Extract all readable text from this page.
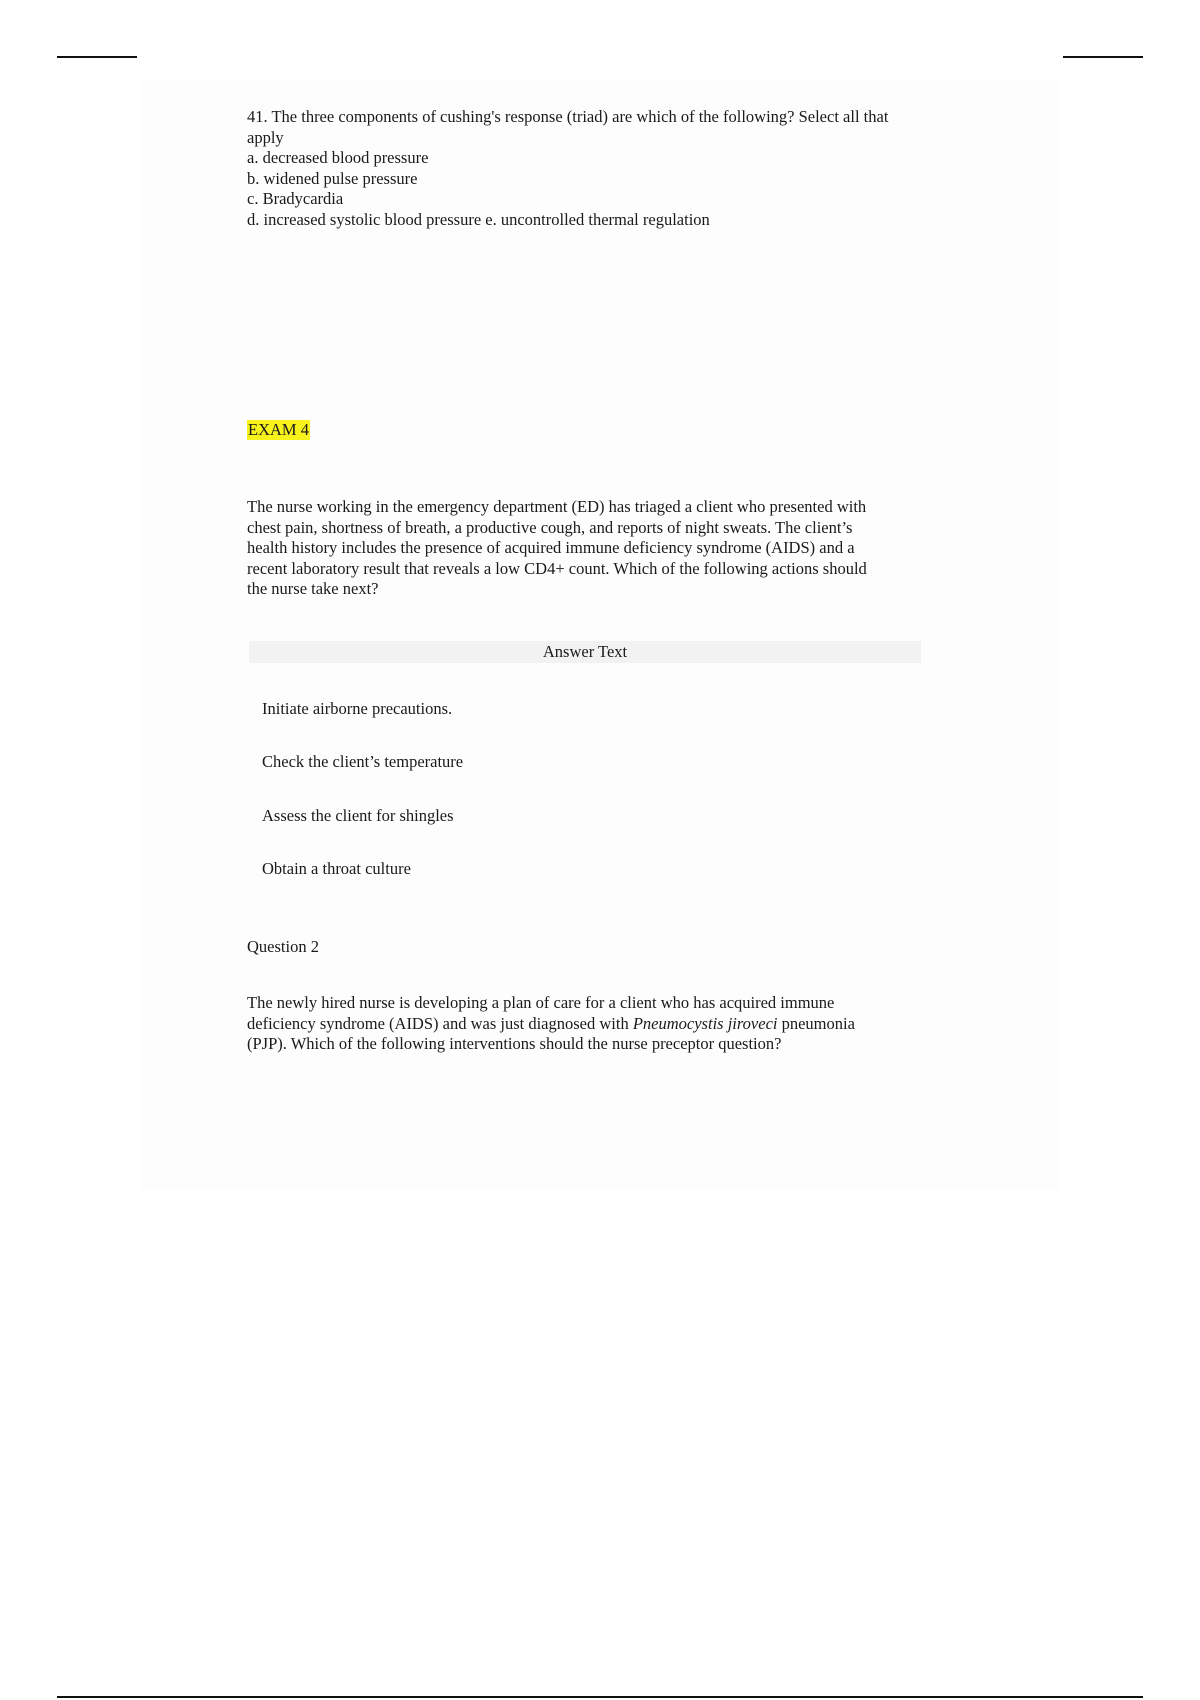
41. The three components of cushing's response (triad) are which of the following? Select all that

apply

a. decreased blood pressure

b. widened pulse pressure

c. Bradycardia

d. increased systolic blood pressure e. uncontrolled thermal regulation

EXAM 4

The nurse working in the emergency department (ED) has triaged a client who presented with

chest pain, shortness of breath, a productive cough, and reports of night sweats. The client’s

health history includes the presence of acquired immune deficiency syndrome (AIDS) and a

recent laboratory result that reveals a low CD4+ count. Which of the following actions should

the nurse take next?

Answer Text
Initiate airborne precautions.
Check the client’s temperature
Assess the client for shingles
Obtain a throat culture
Question 2

The newly hired nurse is developing a plan of care for a client who has acquired immune

deficiency syndrome (AIDS) and was just diagnosed with Pneumocystis jiroveci pneumonia

(PJP). Which of the following interventions should the nurse preceptor question?
